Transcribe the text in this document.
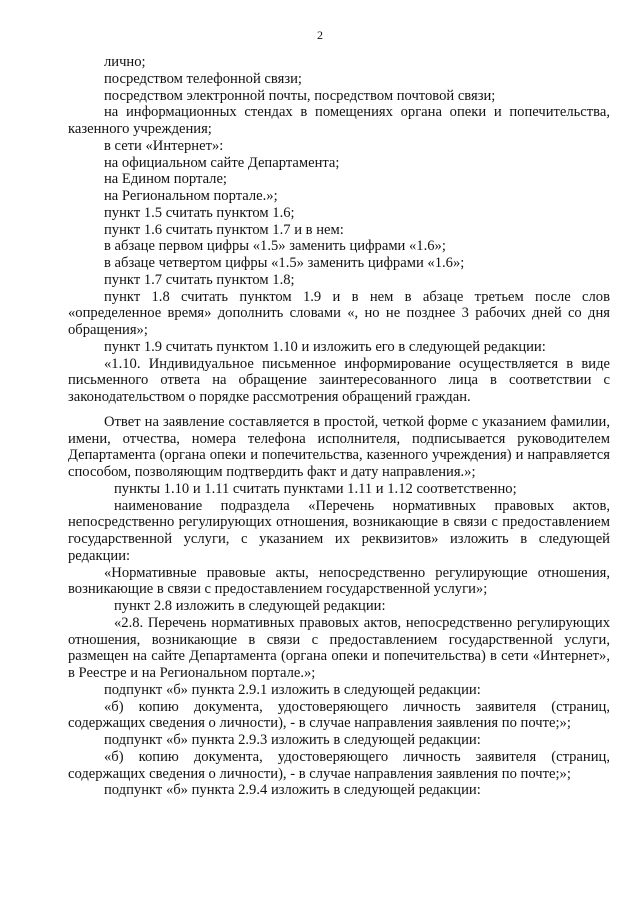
2

лично;

посредством телефонной связи;

посредством электронной почты, посредством почтовой связи;

на информационных стендах в помещениях органа опеки и попечительства, казенного учреждения;

в сети «Интернет»:

на официальном сайте Департамента;

на Едином портале;

на Региональном портале.»;

пункт 1.5 считать пунктом 1.6;

пункт 1.6 считать пунктом 1.7 и в нем:

в абзаце первом цифры «1.5» заменить цифрами «1.6»;

в абзаце четвертом цифры «1.5» заменить цифрами «1.6»;

пункт 1.7 считать пунктом 1.8;

пункт 1.8 считать пунктом 1.9 и в нем в абзаце третьем после слов «определенное время» дополнить словами «, но не позднее 3 рабочих дней со дня обращения»;

пункт 1.9 считать пунктом 1.10 и изложить его в следующей редакции:

«1.10. Индивидуальное письменное информирование осуществляется в виде письменного ответа на обращение заинтересованного лица в соответствии с законодательством о порядке рассмотрения обращений граждан.

Ответ на заявление составляется в простой, четкой форме с указанием фамилии, имени, отчества, номера телефона исполнителя, подписывается руководителем Департамента (органа опеки и попечительства, казенного учреждения) и направляется способом, позволяющим подтвердить факт и дату направления.»;

пункты 1.10 и 1.11 считать пунктами 1.11 и 1.12 соответственно;

наименование подраздела «Перечень нормативных правовых актов, непосредственно регулирующих отношения, возникающие в связи с предоставлением государственной услуги, с указанием их реквизитов» изложить в следующей редакции:

«Нормативные правовые акты, непосредственно регулирующие отношения, возникающие в связи с предоставлением государственной услуги»;

пункт 2.8 изложить в следующей редакции:

«2.8. Перечень нормативных правовых актов, непосредственно регулирующих отношения, возникающие в связи с предоставлением государственной услуги, размещен на сайте Департамента (органа опеки и попечительства) в сети «Интернет», в Реестре и на Региональном портале.»;

подпункт «б» пункта 2.9.1 изложить в следующей редакции:

«б) копию документа, удостоверяющего личность заявителя (страниц, содержащих сведения о личности), - в случае направления заявления по почте;»;

подпункт «б» пункта 2.9.3 изложить в следующей редакции:

«б) копию документа, удостоверяющего личность заявителя (страниц, содержащих сведения о личности), - в случае направления заявления по почте;»;

подпункт «б» пункта 2.9.4 изложить в следующей редакции:
